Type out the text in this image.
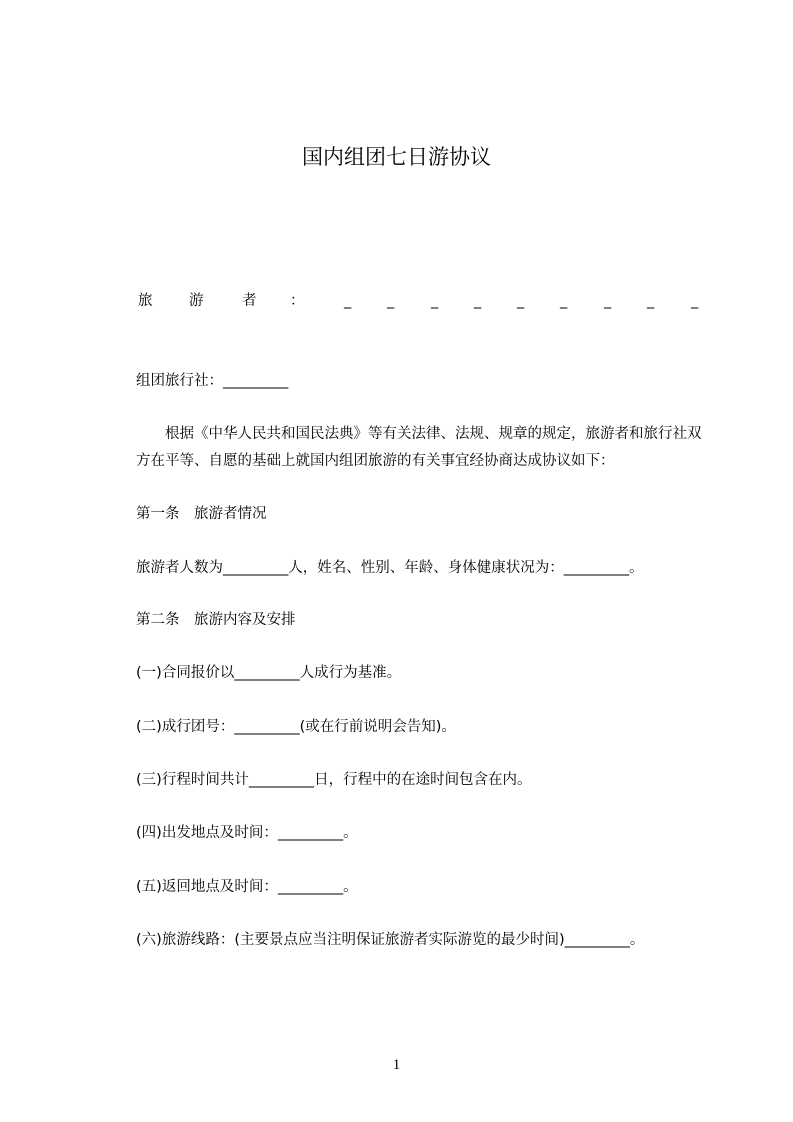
国内组团七日游协议
旅	游	者 ：	_ _	_ _ _ _	_ _	_
组团旅行社：_________
根据《中华人民共和国民法典》等有关法律、法规、规章的规定，旅游者和旅行社双方在平等、自愿的基础上就国内组团旅游的有关事宜经协商达成协议如下：
第一条　旅游者情况
旅游者人数为_________人，姓名、性别、年龄、身体健康状况为：_________。
第二条　旅游内容及安排
(一)合同报价以_________人成行为基准。
(二)成行团号：_________(或在行前说明会告知)。
(三)行程时间共计_________日，行程中的在途时间包含在内。
(四)出发地点及时间：_________。
(五)返回地点及时间：_________。
(六)旅游线路：(主要景点应当注明保证旅游者实际游览的最少时间)_________。
1
